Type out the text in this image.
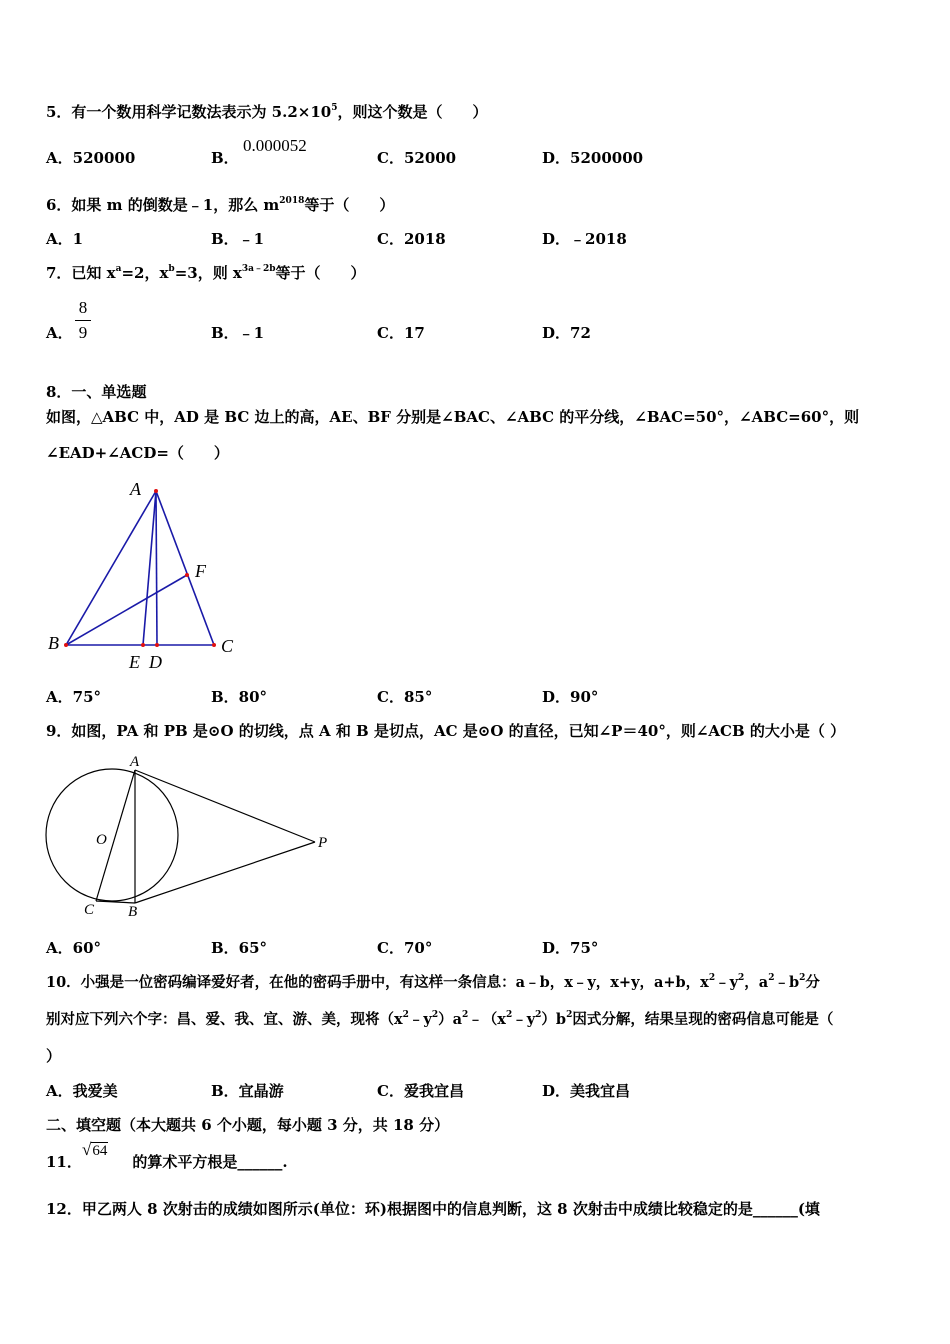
5．有一个数用科学记数法表示为 $5.2\times 10^5$，则这个数是（　　）
A．520000	B．
0.000052
C．52000	D．5200000
6．如果 m 的倒数是﹣1，那么 $m^{2018}$等于（　　）
A．1	B．﹣1	C．2018	D．﹣2018
7．已知 $x^a=2$，$x^b=3$，则 $x^{3a﹣2b}$等于（　　）
A．
8
9	B．﹣1	C．17	D．72
8．一、单选题
如图，△ABC 中，AD 是 BC 边上的高，AE、BF 分别是∠BAC、∠ABC 的平分线，∠BAC=50°，∠ABC=60°，则
∠EAD+∠ACD=（　　）
A
B	C
E D
F
A．75°	B．80°	C．85°	D．90°
9．如图，PA 和 PB 是⊙O 的切线，点 A 和 B 是切点，AC 是⊙O 的直径，已知∠P＝40°，则∠ACB 的大小是（ ）
A
O	P
C B
A．60°	B．65°	C．70°	D．75°
10．小强是一位密码编译爱好者，在他的密码手册中，有这样一条信息：a﹣b，x﹣y，x+y，a+b，$x^2﹣y^2$，$a^2﹣b^2$分
别对应下列六个字：昌、爱、我、宜、游、美，现将$(x^2﹣y^2)a^2﹣(x^2﹣y^2)b^2$因式分解，结果呈现的密码信息可能是（
）
A．我爱美	B．宜晶游	C．爱我宜昌	D．美我宜昌
二、填空题（本大题共 6 个小题，每小题 3 分，共 18 分）
11．	的算术平方根是______.
√64
12．甲乙两人 8 次射击的成绩如图所示(单位：环)根据图中的信息判断，这 8 次射击中成绩比较稳定的是______(填
